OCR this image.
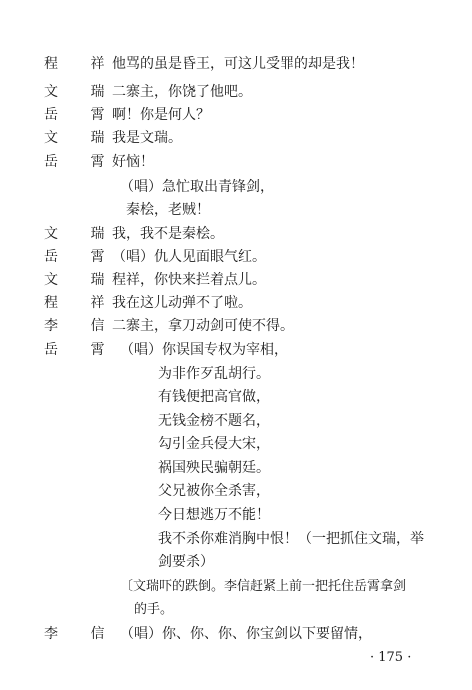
程 祥
他骂的虽是昏王，可这儿受罪的却是我！
文 瑞
二寨主，你饶了他吧。
岳 霄
啊！你是何人？
文 瑞
我是文瑞。
岳 霄
好恼！
（唱）急忙取出青锋剑，
秦桧，老贼！
文 瑞
我，我不是秦桧。
岳 霄
（唱）仇人见面眼气红。
文 瑞
程祥，你快来拦着点儿。
程 祥
我在这儿动弹不了啦。
李 信
二寨主，拿刀动剑可使不得。
岳 霄 （唱）你误国专权为宰相，
为非作歹乱胡行。
有钱便把高官做，
无钱金榜不题名，
勾引金兵侵大宋，
祸国殃民骗朝廷。
父兄被你全杀害，
今日想逃万不能！
我不杀你难消胸中恨！（一把抓住文瑞，举
剑要杀）
〔文瑞吓的跌倒。李信赶紧上前一把托住岳霄拿剑
的手。
李 信 （唱）你、你、你、你宝剑以下要留情，
· 175 ·
